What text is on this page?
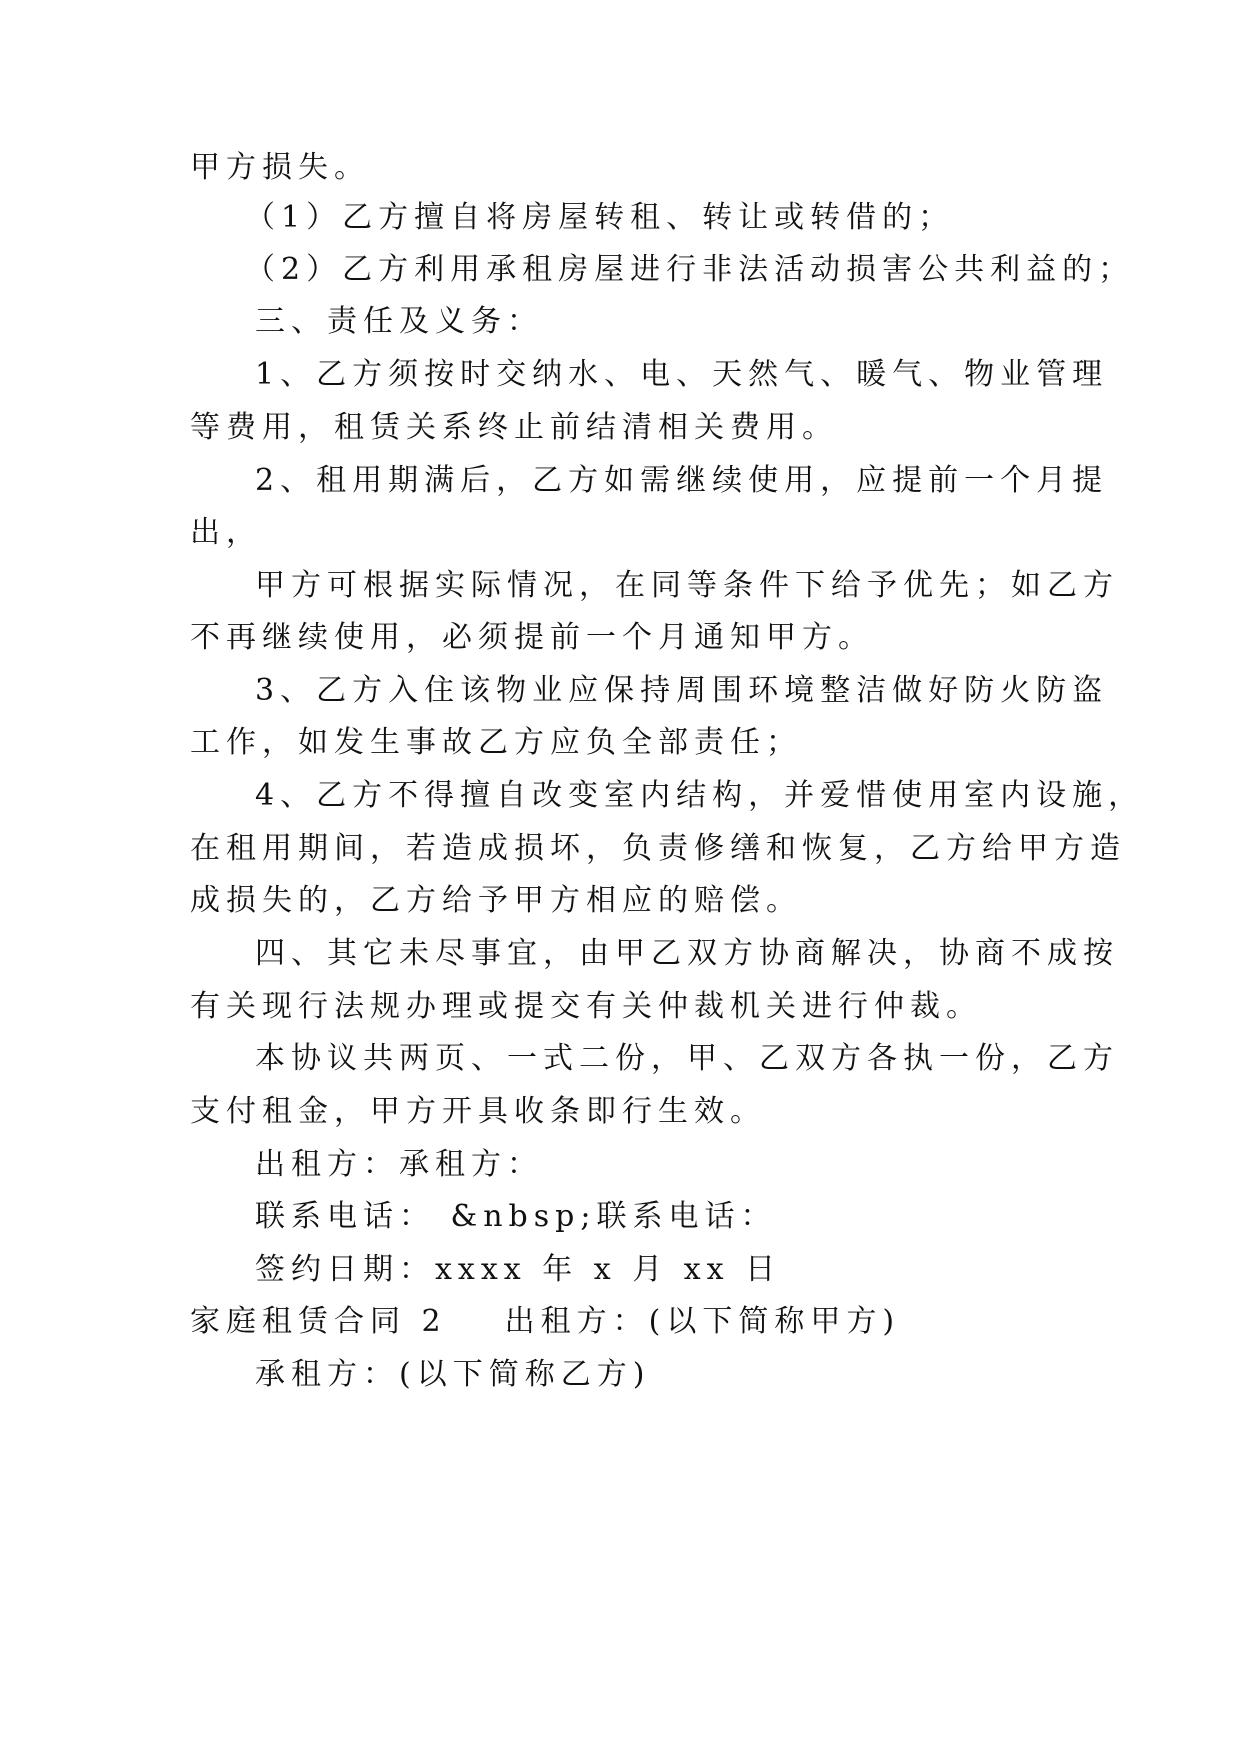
甲方损失。
（1）乙方擅自将房屋转租、转让或转借的；
（2）乙方利用承租房屋进行非法活动损害公共利益的；
三、责任及义务：
1、乙方须按时交纳水、电、天然气、暖气、物业管理
等费用，租赁关系终止前结清相关费用。
2、租用期满后，乙方如需继续使用，应提前一个月提
出，
甲方可根据实际情况，在同等条件下给予优先；如乙方
不再继续使用，必须提前一个月通知甲方。
3、乙方入住该物业应保持周围环境整洁做好防火防盗
工作，如发生事故乙方应负全部责任；
4、乙方不得擅自改变室内结构，并爱惜使用室内设施，
在租用期间，若造成损坏，负责修缮和恢复，乙方给甲方造
成损失的，乙方给予甲方相应的赔偿。
四、其它未尽事宜，由甲乙双方协商解决，协商不成按
有关现行法规办理或提交有关仲裁机关进行仲裁。
本协议共两页、一式二份，甲、乙双方各执一份，乙方
支付租金，甲方开具收条即行生效。
出租方：承租方：
联系电话： &nbsp;联系电话：
签约日期：xxxx 年 x 月 xx 日
家庭租赁合同 2 出租方：(以下简称甲方)
承租方：(以下简称乙方)
